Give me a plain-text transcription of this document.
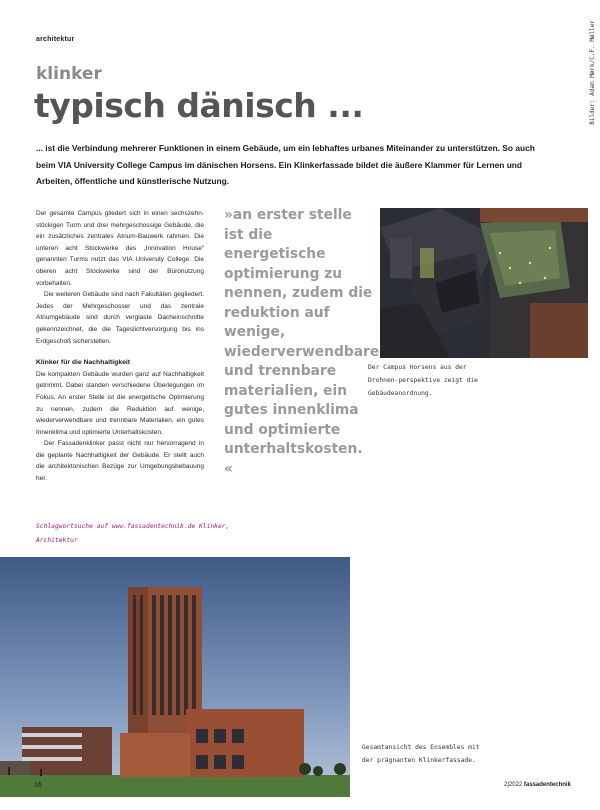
architektur	Bilder: Adam Mørk/C.F. Møller
klinker
typisch dänisch ...
... ist die Verbindung mehrerer Funktionen in einem Gebäude, um ein lebhaftes urbanes Miteinander zu unterstützen. So auch beim VIA University College Campus im dänischen Horsens. Ein Klinkerfassade bildet die äußere Klammer für Lernen und Arbeiten, öffentliche und künstlerische Nutzung.

Der gesamte Campus gliedert sich in einen sechszehn-stöckigen Turm und drei mehrgeschossige Gebäude, die ein zusätzliches zentrales Atrium-Bauwerk rahmen. Die unteren acht Stockwerke des „Innovation House“ genannten Turms nutzt das VIA University College. Die oberen acht Stockwerke sind der Büronutzung vorbehalten.

Die weiteren Gebäude sind nach Fakultäten gegliedert. Jedes der Mehrgeschosser und das zentrale Atriumgebäude sind durch verglaste Dacheinschnitte gekennzeichnet, die die Tageslichtversorgung bis ins Erdgeschoß sicherstellen.

Klinker für die Nachhaltigkeit

Die kompakten Gebäude wurden ganz auf Nachhaltigkeit getrimmt. Dabei standen verschiedene Überlegungen im Fokus. An erster Stelle ist die energetische Optimierung zu nennen, zudem die Reduktion auf wenige, wiederverwendbare und trennbare Materialien, ein gutes Innenklima und optimierte Unterhaltskosten.

Der Fassadenklinker passt nicht nur hervorragend in die geplante Nachhaltigkeit der Gebäude. Er stellt auch die architektonischen Bezüge zur Umgebungsbebauung her.

Schlagwortsuche auf www.fassadentechnik.de Klinker, Architektur
»an erster stelle ist die energetische optimierung zu nennen, zudem die reduktion auf wenige, wiederverwendbare und trennbare materialien, ein gutes innenklima und optimierte unterhaltskosten. «
Der Campus Horsens aus der Drohnen-perspektive zeigt die Gebäudeanordnung.
Gesamtansicht des Ensembles mit der prägnanten Klinkerfassade.
16	2|2022 fassadentechnik
